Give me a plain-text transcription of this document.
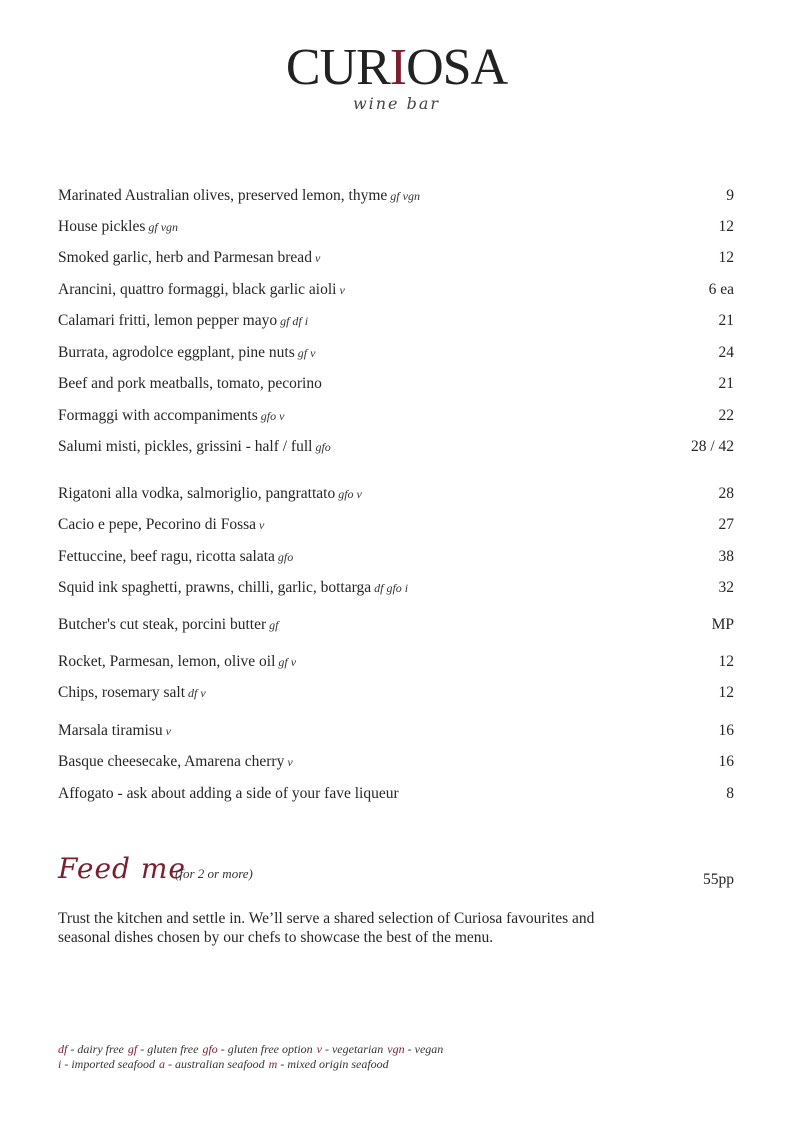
CURIOSA
wine bar
Marinated Australian olives, preserved lemon, thyme gf vgn	9
House pickles gf vgn	12
Smoked garlic, herb and Parmesan bread v	12
Arancini, quattro formaggi, black garlic aioli v	6 ea
Calamari fritti, lemon pepper mayo gf df i	21
Burrata, agrodolce eggplant, pine nuts gf v	24
Beef and pork meatballs, tomato, pecorino	21
Formaggi with accompaniments gfo v	22
Salumi misti, pickles, grissini - half / full gfo	28 / 42
Rigatoni alla vodka, salmoriglio, pangrattato gfo v	28
Cacio e pepe, Pecorino di Fossa v	27
Fettuccine, beef ragu, ricotta salata gfo	38
Squid ink spaghetti, prawns, chilli, garlic, bottarga df gfo i	32
Butcher's cut steak, porcini butter gf	MP
Rocket, Parmesan, lemon, olive oil gf v	12
Chips, rosemary salt df v	12
Marsala tiramisu v	16
Basque cheesecake, Amarena cherry v	16
Affogato - ask about adding a side of your fave liqueur	8
Feed me
(for 2 or more)	55pp
Trust the kitchen and settle in. We’ll serve a shared selection of Curiosa favourites and seasonal dishes chosen by our chefs to showcase the best of the menu.
df - dairy free gf - gluten free gfo - gluten free option v - vegetarian vgn - vegan
i - imported seafood a - australian seafood m - mixed origin seafood
